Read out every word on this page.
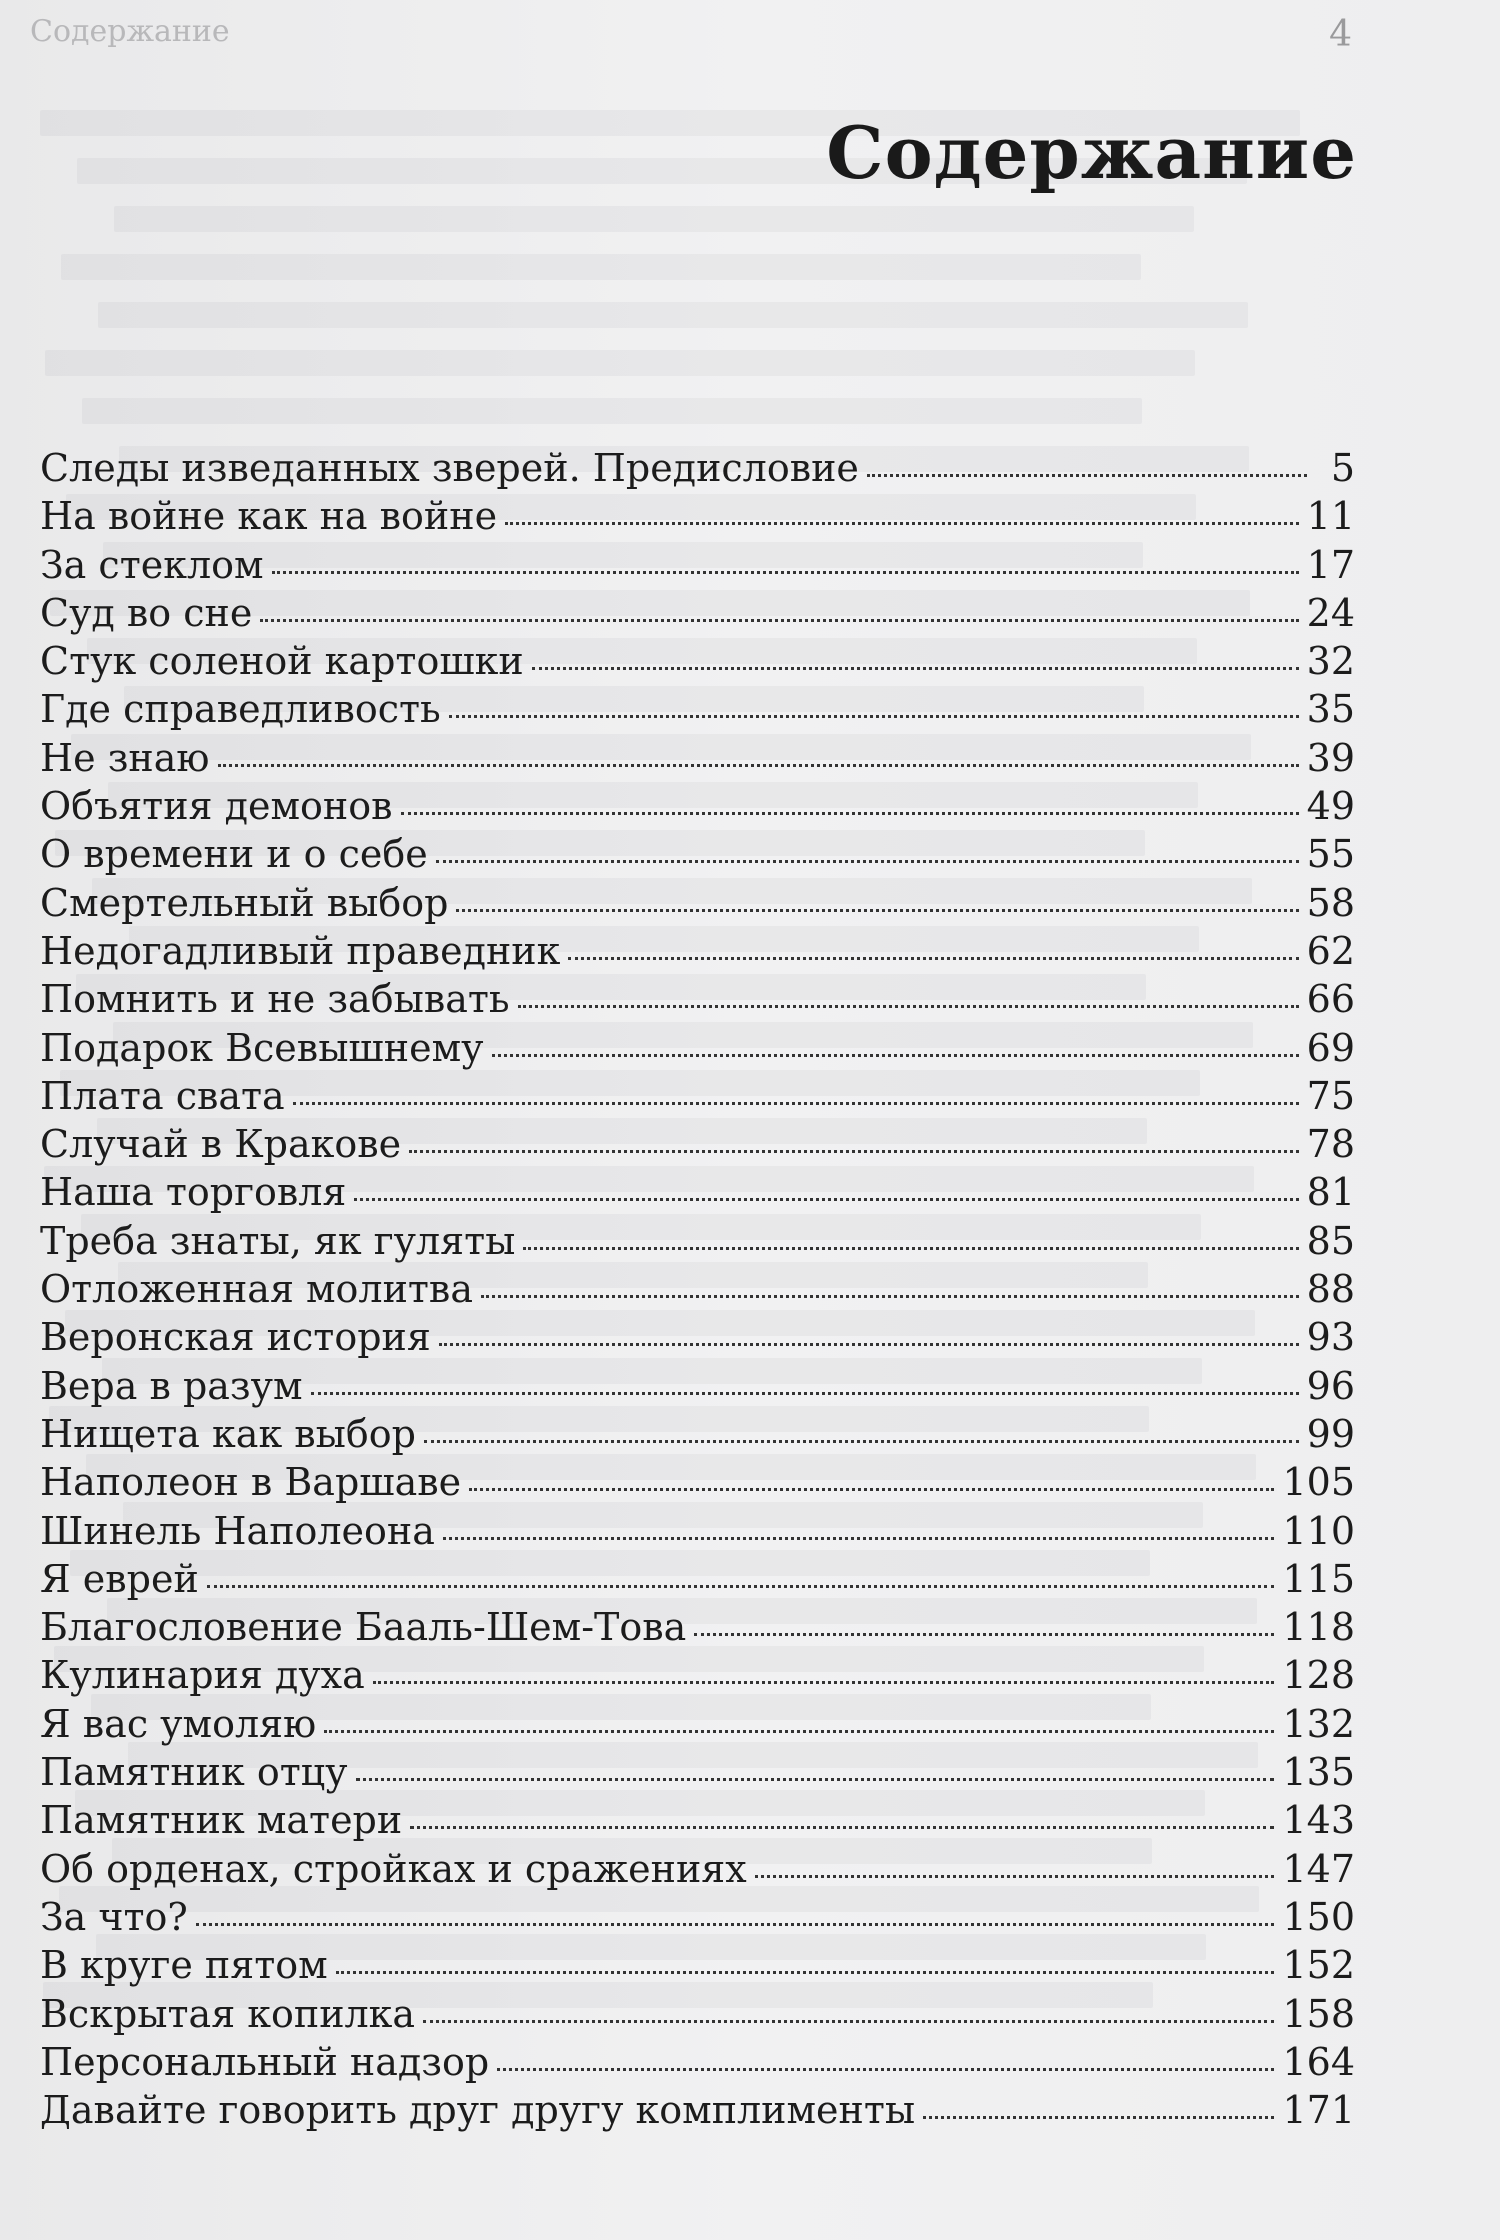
Содержание	4
Содержание
Следы изведанных зверей. Предисловие	5
На войне как на войне	11
За стеклом	17
Суд во сне	24
Стук соленой картошки	32
Где справедливость	35
Не знаю	39
Объятия демонов	49
О времени и о себе	55
Смертельный выбор	58
Недогадливый праведник	62
Помнить и не забывать	66
Подарок Всевышнему	69
Плата свата	75
Случай в Кракове	78
Наша торговля	81
Треба знаты, як гуляты	85
Отложенная молитва	88
Веронская история	93
Вера в разум	96
Нищета как выбор	99
Наполеон в Варшаве	105
Шинель Наполеона	110
Я еврей	115
Благословение Бааль-Шем-Това	118
Кулинария духа	128
Я вас умоляю	132
Памятник отцу	135
Памятник матери	143
Об орденах, стройках и сражениях	147
За что?	150
В круге пятом	152
Вскрытая копилка	158
Персональный надзор	164
Давайте говорить друг другу комплименты	171
